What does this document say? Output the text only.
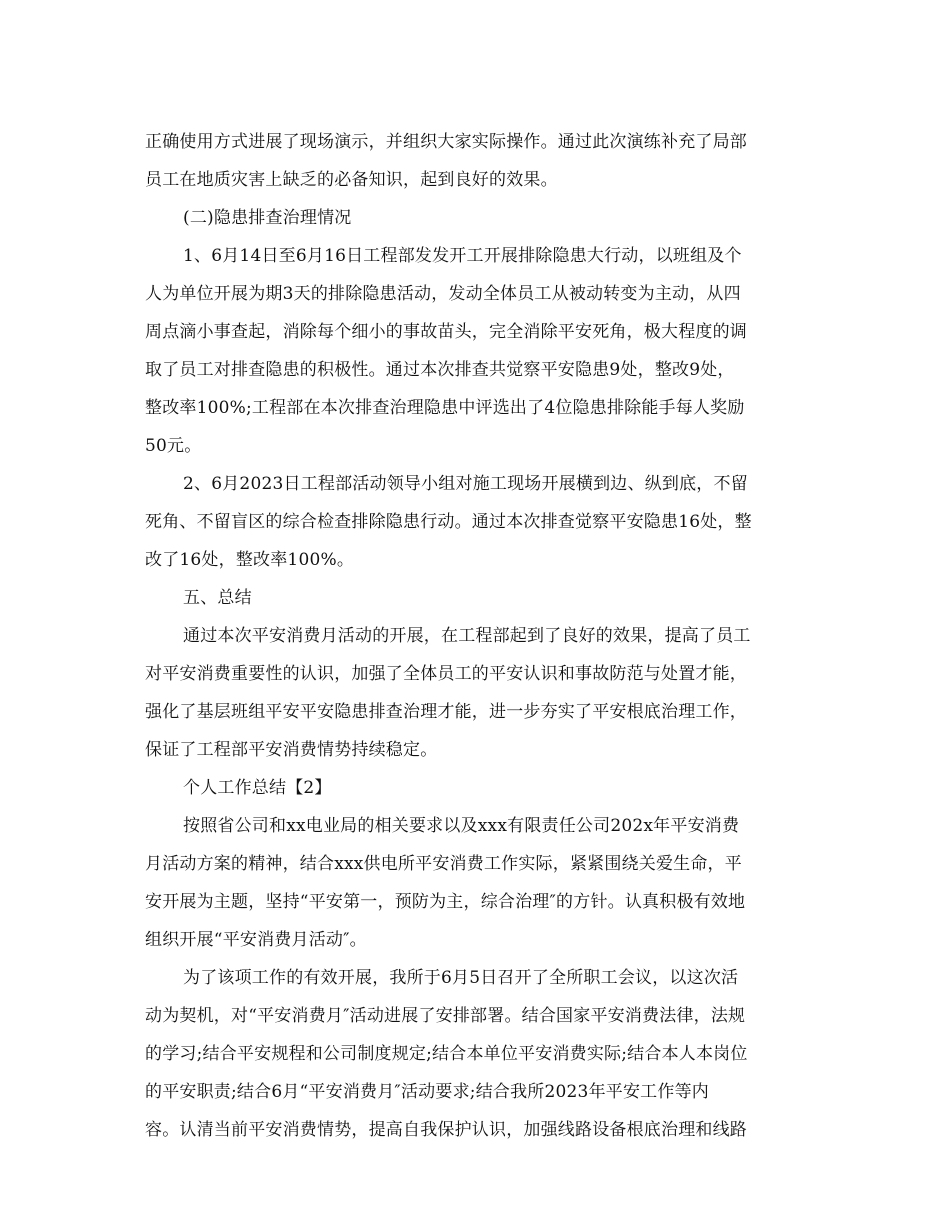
正确使用方式进展了现场演示，并组织大家实际操作。通过此次演练补充了局部
员工在地质灾害上缺乏的必备知识，起到良好的效果。
(二)隐患排查治理情况
1、6月14日至6月16日工程部发发开工开展排除隐患大行动，以班组及个
人为单位开展为期3天的排除隐患活动，发动全体员工从被动转变为主动，从四
周点滴小事查起，消除每个细小的事故苗头，完全消除平安死角，极大程度的调
取了员工对排查隐患的积极性。通过本次排查共觉察平安隐患9处，整改9处，
整改率100%;工程部在本次排查治理隐患中评选出了4位隐患排除能手每人奖励
50元。
2、6月2023日工程部活动领导小组对施工现场开展横到边、纵到底，不留
死角、不留盲区的综合检查排除隐患行动。通过本次排查觉察平安隐患16处，整
改了16处，整改率100%。
五、总结
通过本次平安消费月活动的开展，在工程部起到了良好的效果，提高了员工
对平安消费重要性的认识，加强了全体员工的平安认识和事故防范与处置才能，
强化了基层班组平安平安隐患排查治理才能，进一步夯实了平安根底治理工作，
保证了工程部平安消费情势持续稳定。
个人工作总结【2】
按照省公司和xx电业局的相关要求以及xxx有限责任公司202x年平安消费
月活动方案的精神，结合xxx供电所平安消费工作实际，紧紧围绕关爱生命，平
安开展为主题，坚持“平安第一，预防为主，综合治理″的方针。认真积极有效地
组织开展“平安消费月活动″。
为了该项工作的有效开展，我所于6月5日召开了全所职工会议，以这次活
动为契机，对“平安消费月″活动进展了安排部署。结合国家平安消费法律，法规
的学习;结合平安规程和公司制度规定;结合本单位平安消费实际;结合本人本岗位
的平安职责;结合6月“平安消费月″活动要求;结合我所2023年平安工作等内
容。认清当前平安消费情势，提高自我保护认识，加强线路设备根底治理和线路
